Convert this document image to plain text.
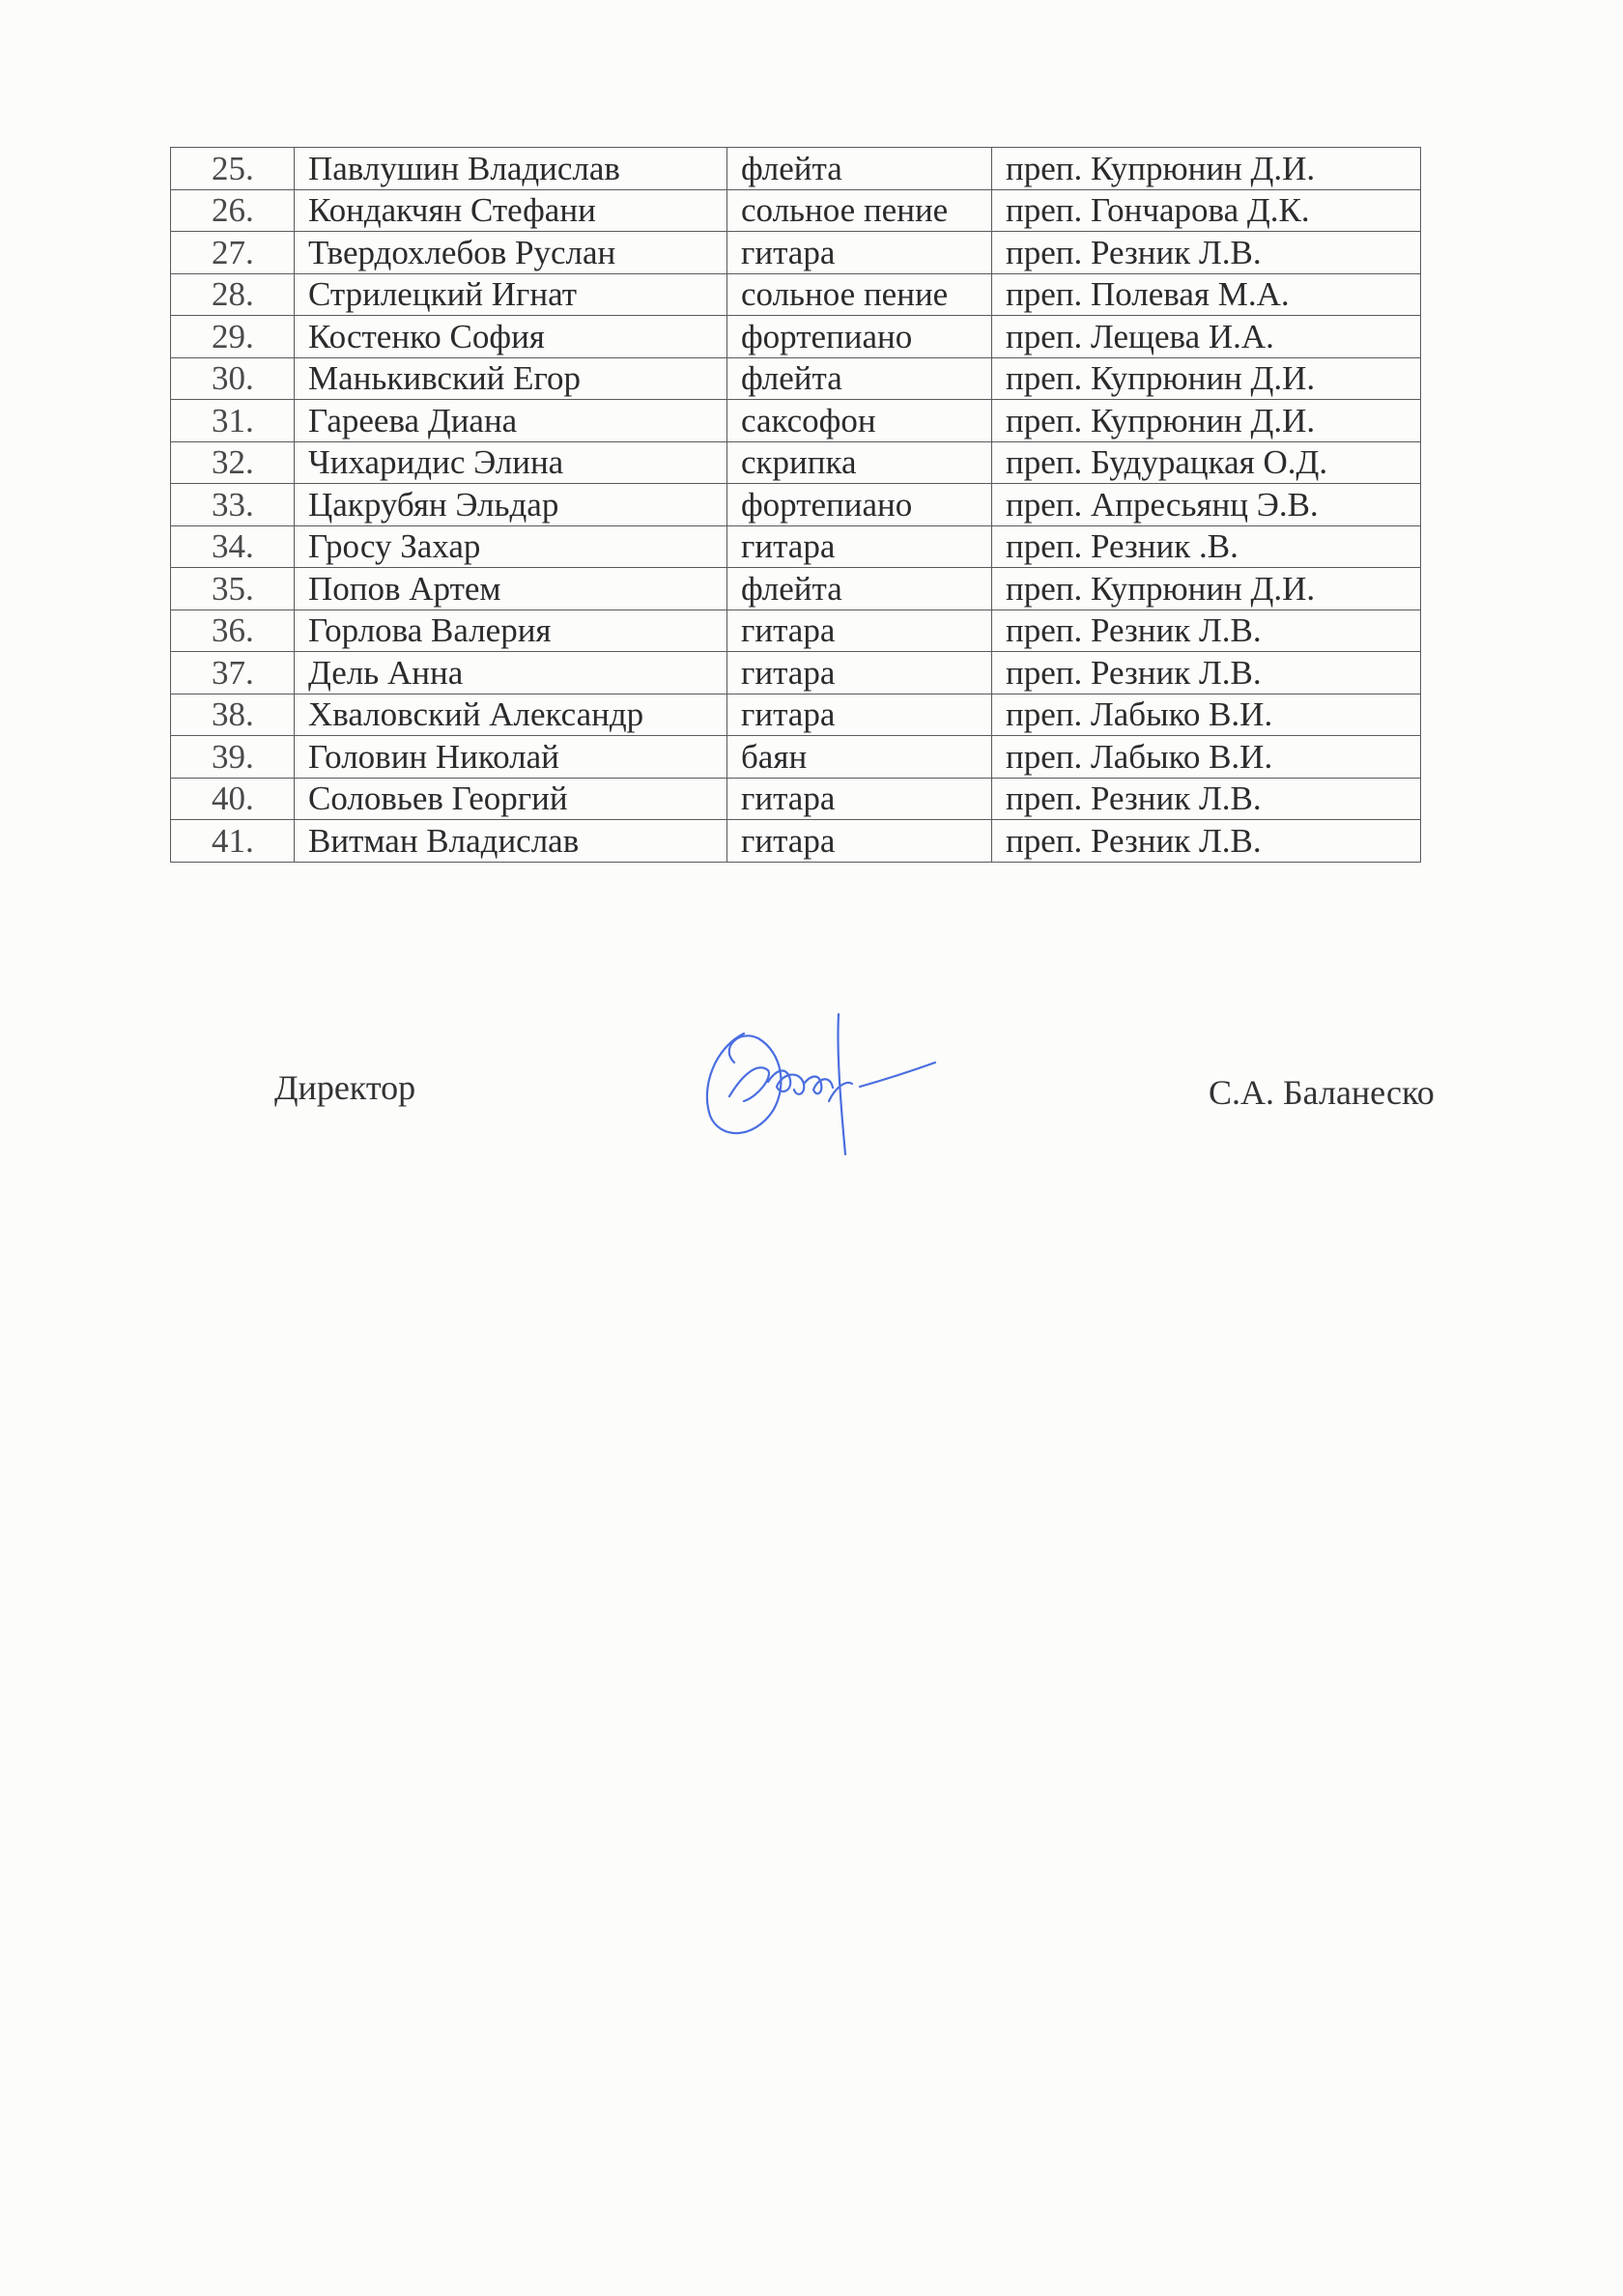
25.	Павлушин Владислав	флейта	преп. Купрюнин Д.И.
26.	Кондакчян Стефани	сольное пение	преп. Гончарова Д.К.
27.	Твердохлебов Руслан	гитара	преп. Резник Л.В.
28.	Стрилецкий Игнат	сольное пение	преп. Полевая М.А.
29.	Костенко София	фортепиано	преп. Лещева И.А.
30.	Манькивский Егор	флейта	преп. Купрюнин Д.И.
31.	Гареева Диана	саксофон	преп. Купрюнин Д.И.
32.	Чихаридис Элина	скрипка	преп. Будурацкая О.Д.
33.	Цакрубян Эльдар	фортепиано	преп. Апресьянц Э.В.
34.	Гросу Захар	гитара	преп. Резник .В.
35.	Попов Артем	флейта	преп. Купрюнин Д.И.
36.	Горлова Валерия	гитара	преп. Резник Л.В.
37.	Дель Анна	гитара	преп. Резник Л.В.
38.	Хваловский Александр	гитара	преп. Лабыко В.И.
39.	Головин Николай	баян	преп. Лабыко В.И.
40.	Соловьев Георгий	гитара	преп. Резник Л.В.
41.	Витман Владислав	гитара	преп. Резник Л.В.
Директор	С.А. Баланеско
